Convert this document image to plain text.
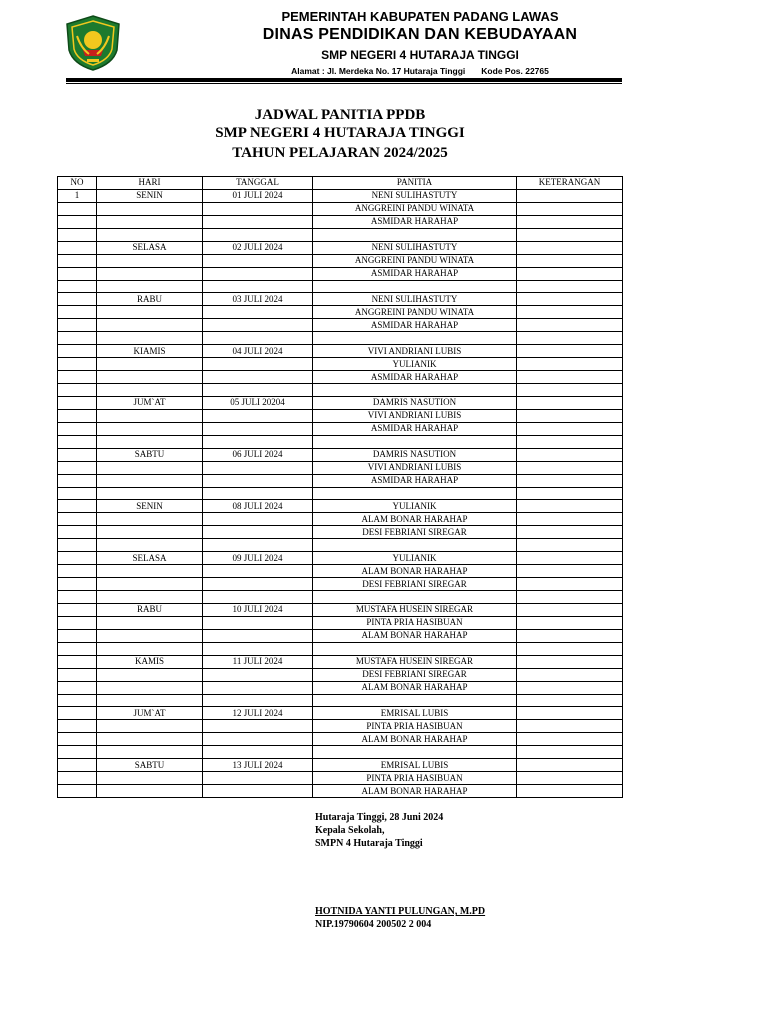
PEMERINTAH KABUPATEN PADANG LAWAS
DINAS PENDIDIKAN DAN KEBUDAYAAN
SMP NEGERI 4 HUTARAJA TINGGI
Alamat : Jl. Merdeka No. 17 Hutaraja Tinggi Kode Pos. 22765
JADWAL PANITIA PPDB
SMP NEGERI 4 HUTARAJA TINGGI
TAHUN PELAJARAN 2024/2025
NO	HARI	TANGGAL	PANITIA	KETERANGAN
1	SENIN	01 JULI 2024	NENI SULIHASTUTY	
			ANGGREINI PANDU WINATA	
			ASMIDAR HARAHAP	

	SELASA	02 JULI 2024	NENI SULIHASTUTY	
			ANGGREINI PANDU WINATA	
			ASMIDAR HARAHAP	

	RABU	03 JULI 2024	NENI SULIHASTUTY	
			ANGGREINI PANDU WINATA	
			ASMIDAR HARAHAP	

	KIAMIS	04 JULI 2024	VIVI ANDRIANI LUBIS	
			YULIANIK	
			ASMIDAR HARAHAP	

	JUM`AT	05 JULI 20204	DAMRIS NASUTION	
			VIVI ANDRIANI LUBIS	
			ASMIDAR HARAHAP	

	SABTU	06 JULI 2024	DAMRIS NASUTION	
			VIVI ANDRIANI LUBIS	
			ASMIDAR HARAHAP	

	SENIN	08 JULI 2024	YULIANIK	
			ALAM BONAR HARAHAP	
			DESI FEBRIANI SIREGAR	

	SELASA	09 JULI 2024	YULIANIK	
			ALAM BONAR HARAHAP	
			DESI FEBRIANI SIREGAR	

	RABU	10 JULI 2024	MUSTAFA HUSEIN SIREGAR	
			PINTA PRIA HASIBUAN	
			ALAM BONAR HARAHAP	

	KAMIS	11 JULI 2024	MUSTAFA HUSEIN SIREGAR	
			DESI FEBRIANI SIREGAR	
			ALAM BONAR HARAHAP	

	JUM`AT	12 JULI 2024	EMRISAL LUBIS	
			PINTA PRIA HASIBUAN	
			ALAM BONAR HARAHAP	

	SABTU	13 JULI 2024	EMRISAL LUBIS	
			PINTA PRIA HASIBUAN	
			ALAM BONAR HARAHAP	
Hutaraja Tinggi, 28 Juni 2024
Kepala Sekolah,
SMPN 4 Hutaraja Tinggi
HOTNIDA YANTI PULUNGAN, M.PD
NIP.19790604 200502 2 004
